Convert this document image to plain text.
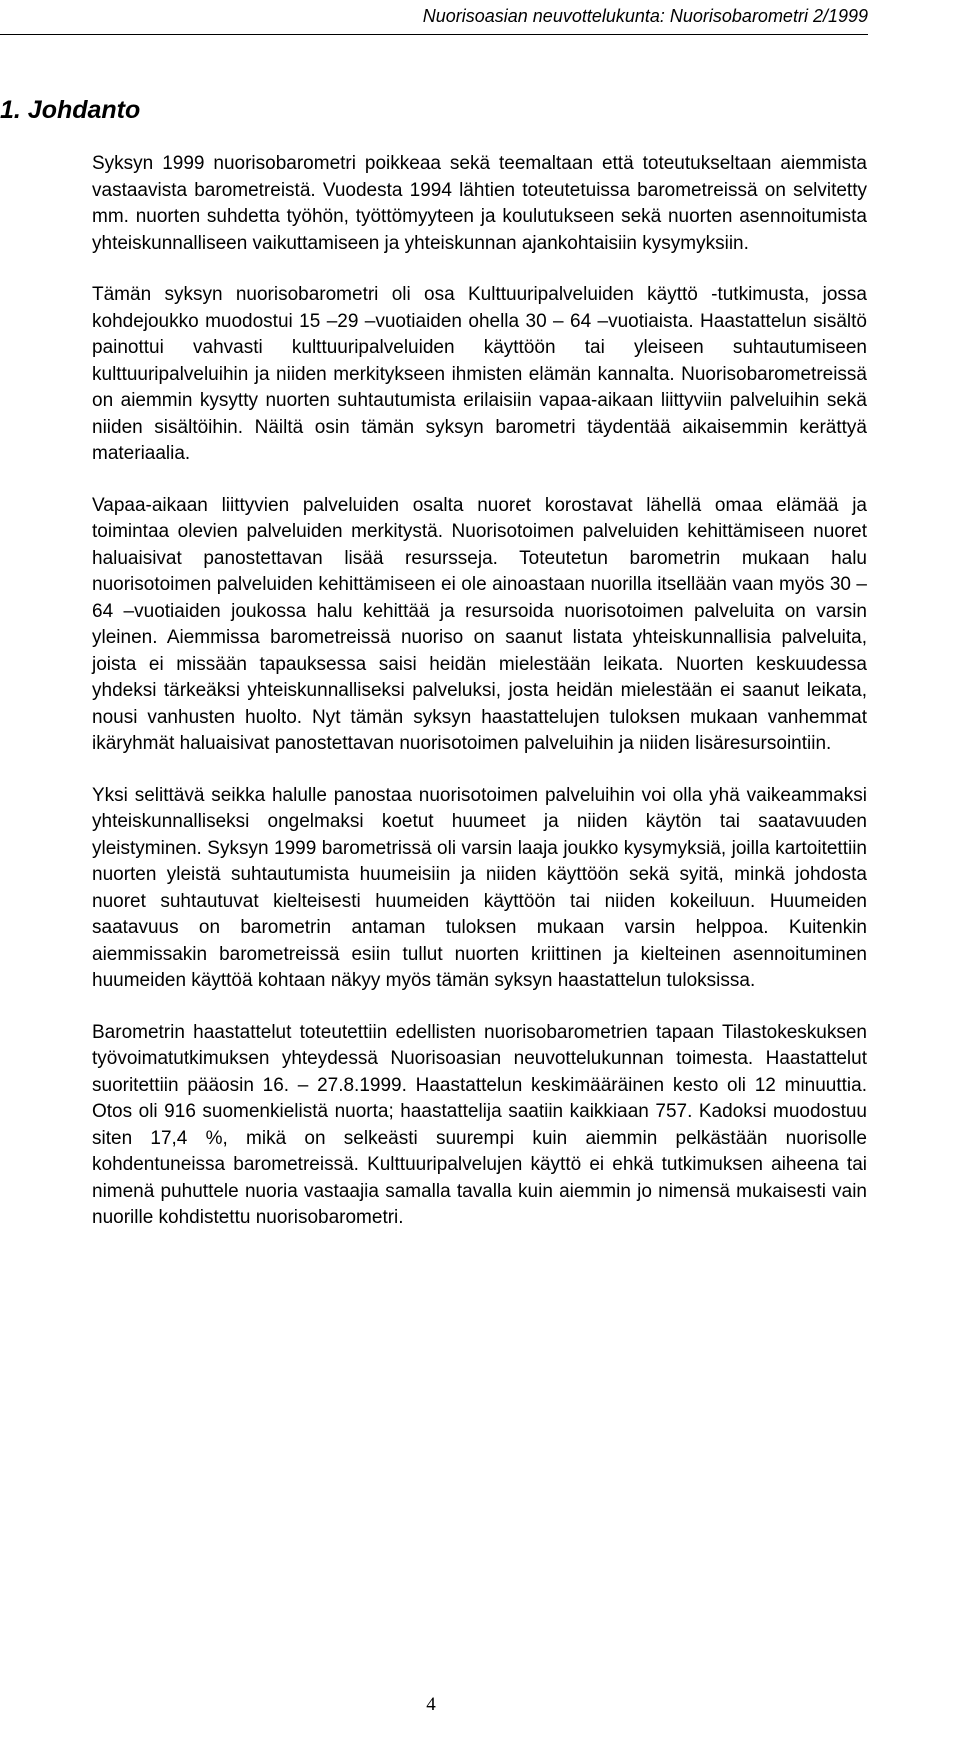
Nuorisoasian neuvottelukunta: Nuorisobarometri 2/1999
1. Johdanto

Syksyn 1999 nuorisobarometri poikkeaa sekä teemaltaan että toteutukseltaan aiemmista vastaavista barometreistä. Vuodesta 1994 lähtien toteutetuissa barometreissä on selvitetty mm. nuorten suhdetta työhön, työttömyyteen ja koulutukseen sekä nuorten asennoitumista yhteiskunnalliseen vaikuttamiseen ja yhteiskunnan ajankohtaisiin kysymyksiin.

Tämän syksyn nuorisobarometri oli osa Kulttuuripalveluiden käyttö -tutkimusta, jossa kohdejoukko muodostui 15 –29 –vuotiaiden ohella 30 – 64 –vuotiaista. Haastattelun sisältö painottui vahvasti kulttuuripalveluiden käyttöön tai yleiseen suhtautumiseen kulttuuripalveluihin ja niiden merkitykseen ihmisten elämän kannalta. Nuorisobarometreissä on aiemmin kysytty nuorten suhtautumista erilaisiin vapaa-aikaan liittyviin palveluihin sekä niiden sisältöihin. Näiltä osin tämän syksyn barometri täydentää aikaisemmin kerättyä materiaalia.

Vapaa-aikaan liittyvien palveluiden osalta nuoret korostavat lähellä omaa elämää ja toimintaa olevien palveluiden merkitystä. Nuorisotoimen palveluiden kehittämiseen nuoret haluaisivat panostettavan lisää resursseja. Toteutetun barometrin mukaan halu nuorisotoimen palveluiden kehittämiseen ei ole ainoastaan nuorilla itsellään vaan myös 30 – 64 –vuotiaiden joukossa halu kehittää ja resursoida nuorisotoimen palveluita on varsin yleinen. Aiemmissa barometreissä nuoriso on saanut listata yhteiskunnallisia palveluita, joista ei missään tapauksessa saisi heidän mielestään leikata. Nuorten keskuudessa yhdeksi tärkeäksi yhteiskunnalliseksi palveluksi, josta heidän mielestään ei saanut leikata, nousi vanhusten huolto. Nyt tämän syksyn haastattelujen tuloksen mukaan vanhemmat ikäryhmät haluaisivat panostettavan nuorisotoimen palveluihin ja niiden lisäresursointiin.

Yksi selittävä seikka halulle panostaa nuorisotoimen palveluihin voi olla yhä vaikeammaksi yhteiskunnalliseksi ongelmaksi koetut huumeet ja niiden käytön tai saatavuuden yleistyminen. Syksyn 1999 barometrissä oli varsin laaja joukko kysymyksiä, joilla kartoitettiin nuorten yleistä suhtautumista huumeisiin ja niiden käyttöön sekä syitä, minkä johdosta nuoret suhtautuvat kielteisesti huumeiden käyttöön tai niiden kokeiluun. Huumeiden saatavuus on barometrin antaman tuloksen mukaan varsin helppoa. Kuitenkin aiemmissakin barometreissä esiin tullut nuorten kriittinen ja kielteinen asennoituminen huumeiden käyttöä kohtaan näkyy myös tämän syksyn haastattelun tuloksissa.

Barometrin haastattelut toteutettiin edellisten nuorisobarometrien tapaan Tilastokeskuksen työvoimatutkimuksen yhteydessä Nuorisoasian neuvottelukunnan toimesta. Haastattelut suoritettiin pääosin 16. – 27.8.1999. Haastattelun keskimääräinen kesto oli 12 minuuttia. Otos oli 916 suomenkielistä nuorta; haastattelija saatiin kaikkiaan 757. Kadoksi muodostuu siten 17,4 %, mikä on selkeästi suurempi kuin aiemmin pelkästään nuorisolle kohdentuneissa barometreissä. Kulttuuripalvelujen käyttö ei ehkä tutkimuksen aiheena tai nimenä puhuttele nuoria vastaajia samalla tavalla kuin aiemmin jo nimensä mukaisesti vain nuorille kohdistettu nuorisobarometri.

4
